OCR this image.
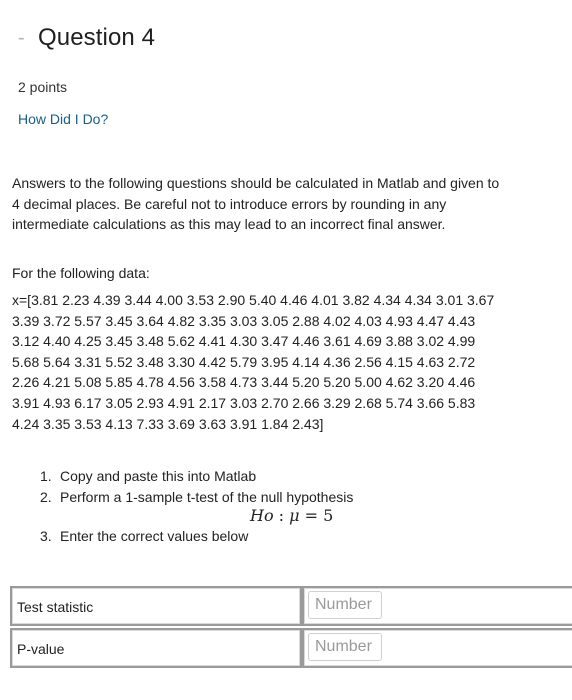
- Question 4
2 points
How Did I Do?
Answers to the following questions should be calculated in Matlab and given to
4 decimal places. Be careful not to introduce errors by rounding in any
intermediate calculations as this may lead to an incorrect final answer.
For the following data:
x=[3.81 2.23 4.39 3.44 4.00 3.53 2.90 5.40 4.46 4.01 3.82 4.34 4.34 3.01 3.67
3.39 3.72 5.57 3.45 3.64 4.82 3.35 3.03 3.05 2.88 4.02 4.03 4.93 4.47 4.43
3.12 4.40 4.25 3.45 3.48 5.62 4.41 4.30 3.47 4.46 3.61 4.69 3.88 3.02 4.99
5.68 5.64 3.31 5.52 3.48 3.30 4.42 5.79 3.95 4.14 4.36 2.56 4.15 4.63 2.72
2.26 4.21 5.08 5.85 4.78 4.56 3.58 4.73 3.44 5.20 5.20 5.00 4.62 3.20 4.46
3.91 4.93 6.17 3.05 2.93 4.91 2.17 3.03 2.70 2.66 3.29 2.68 5.74 3.66 5.83
4.24 3.35 3.53 4.13 7.33 3.69 3.63 3.91 1.84 2.43]
1. Copy and paste this into Matlab
2. Perform a 1-sample t-test of the null hypothesis
Ho : μ = 5
3. Enter the correct values below
Test statistic
Number
P-value
Number
